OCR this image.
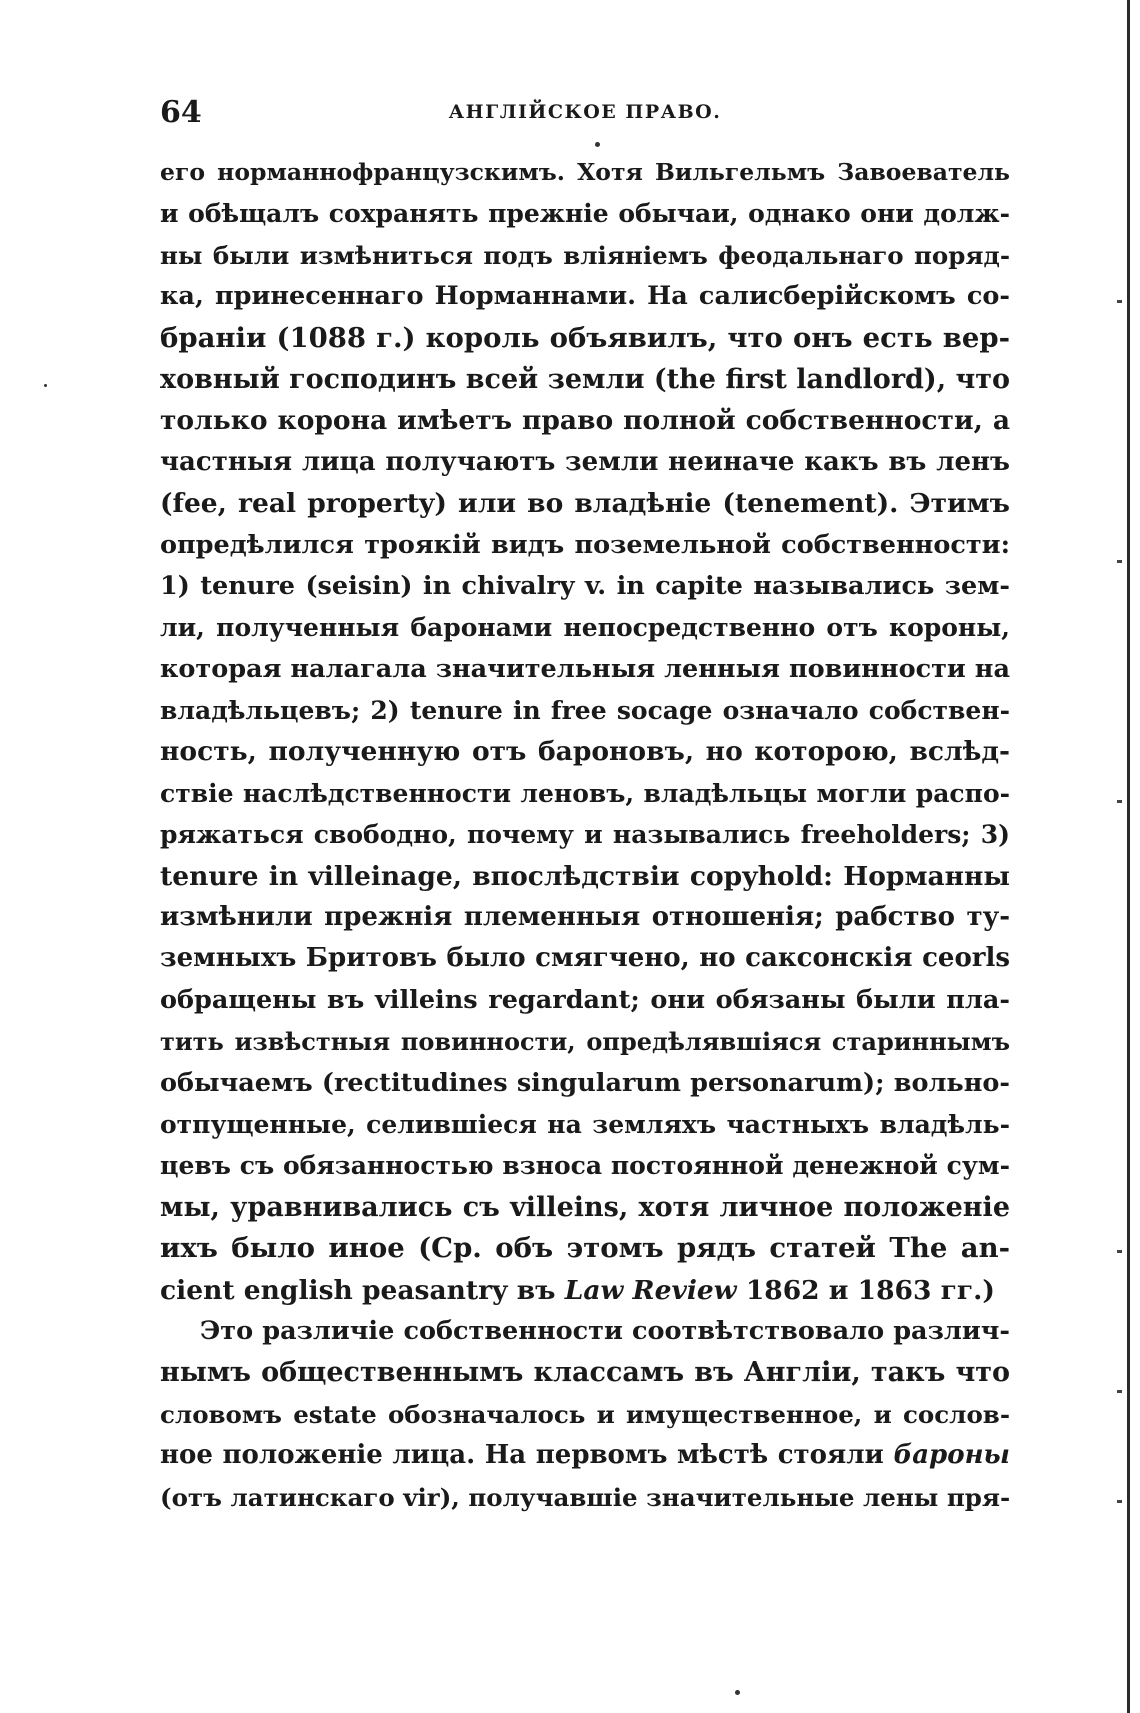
64	АНГЛІЙСКОЕ ПРАВО.
его норманнофранцузскимъ. Хотя Вильгельмъ Завоеватель
и обѣщалъ сохранять прежніе обычаи, однако они долж-
ны были измѣниться подъ вліяніемъ феодальнаго поряд-
ка, принесеннаго Норманнами. На салисберійскомъ со-
браніи (1088 г.) король объявилъ, что онъ есть вер-
ховный господинъ всей земли (the first landlord), что
только корона имѣетъ право полной собственности, а
частныя лица получаютъ земли неиначе какъ въ ленъ
(fee, real property) или во владѣніе (tenement). Этимъ
опредѣлился троякій видъ поземельной собственности:
1) tenure (seisin) in chivalry v. in capite назывались зем-
ли, полученныя баронами непосредственно отъ короны,
которая налагала значительныя ленныя повинности на
владѣльцевъ; 2) tenure in free socage означало собствен-
ность, полученную отъ бароновъ, но которою, вслѣд-
ствіе наслѣдственности леновъ, владѣльцы могли распо-
ряжаться свободно, почему и назывались freeholders; 3)
tenure in villeinage, впослѣдствіи copyhold: Норманны
измѣнили прежнія племенныя отношенія; рабство ту-
земныхъ Бритовъ было смягчено, но саксонскія ceorls
обращены въ villeins regardant; они обязаны были пла-
тить извѣстныя повинности, опредѣлявшіяся стариннымъ
обычаемъ (rectitudines singularum personarum); вольно-
отпущенные, селившіеся на земляхъ частныхъ владѣль-
цевъ съ обязанностью взноса постоянной денежной сум-
мы, уравнивались съ villeins, хотя личное положеніе
ихъ было иное (Ср. объ этомъ рядъ статей The an-
cient english peasantry въ Law Review 1862 и 1863 гг.)
Это различіе собственности соотвѣтствовало различ-
нымъ общественнымъ классамъ въ Англіи, такъ что
словомъ estate обозначалось и имущественное, и сослов-
ное положеніе лица. На первомъ мѣстѣ стояли бароны
(отъ латинскаго vir), получавшіе значительные лены пря-
